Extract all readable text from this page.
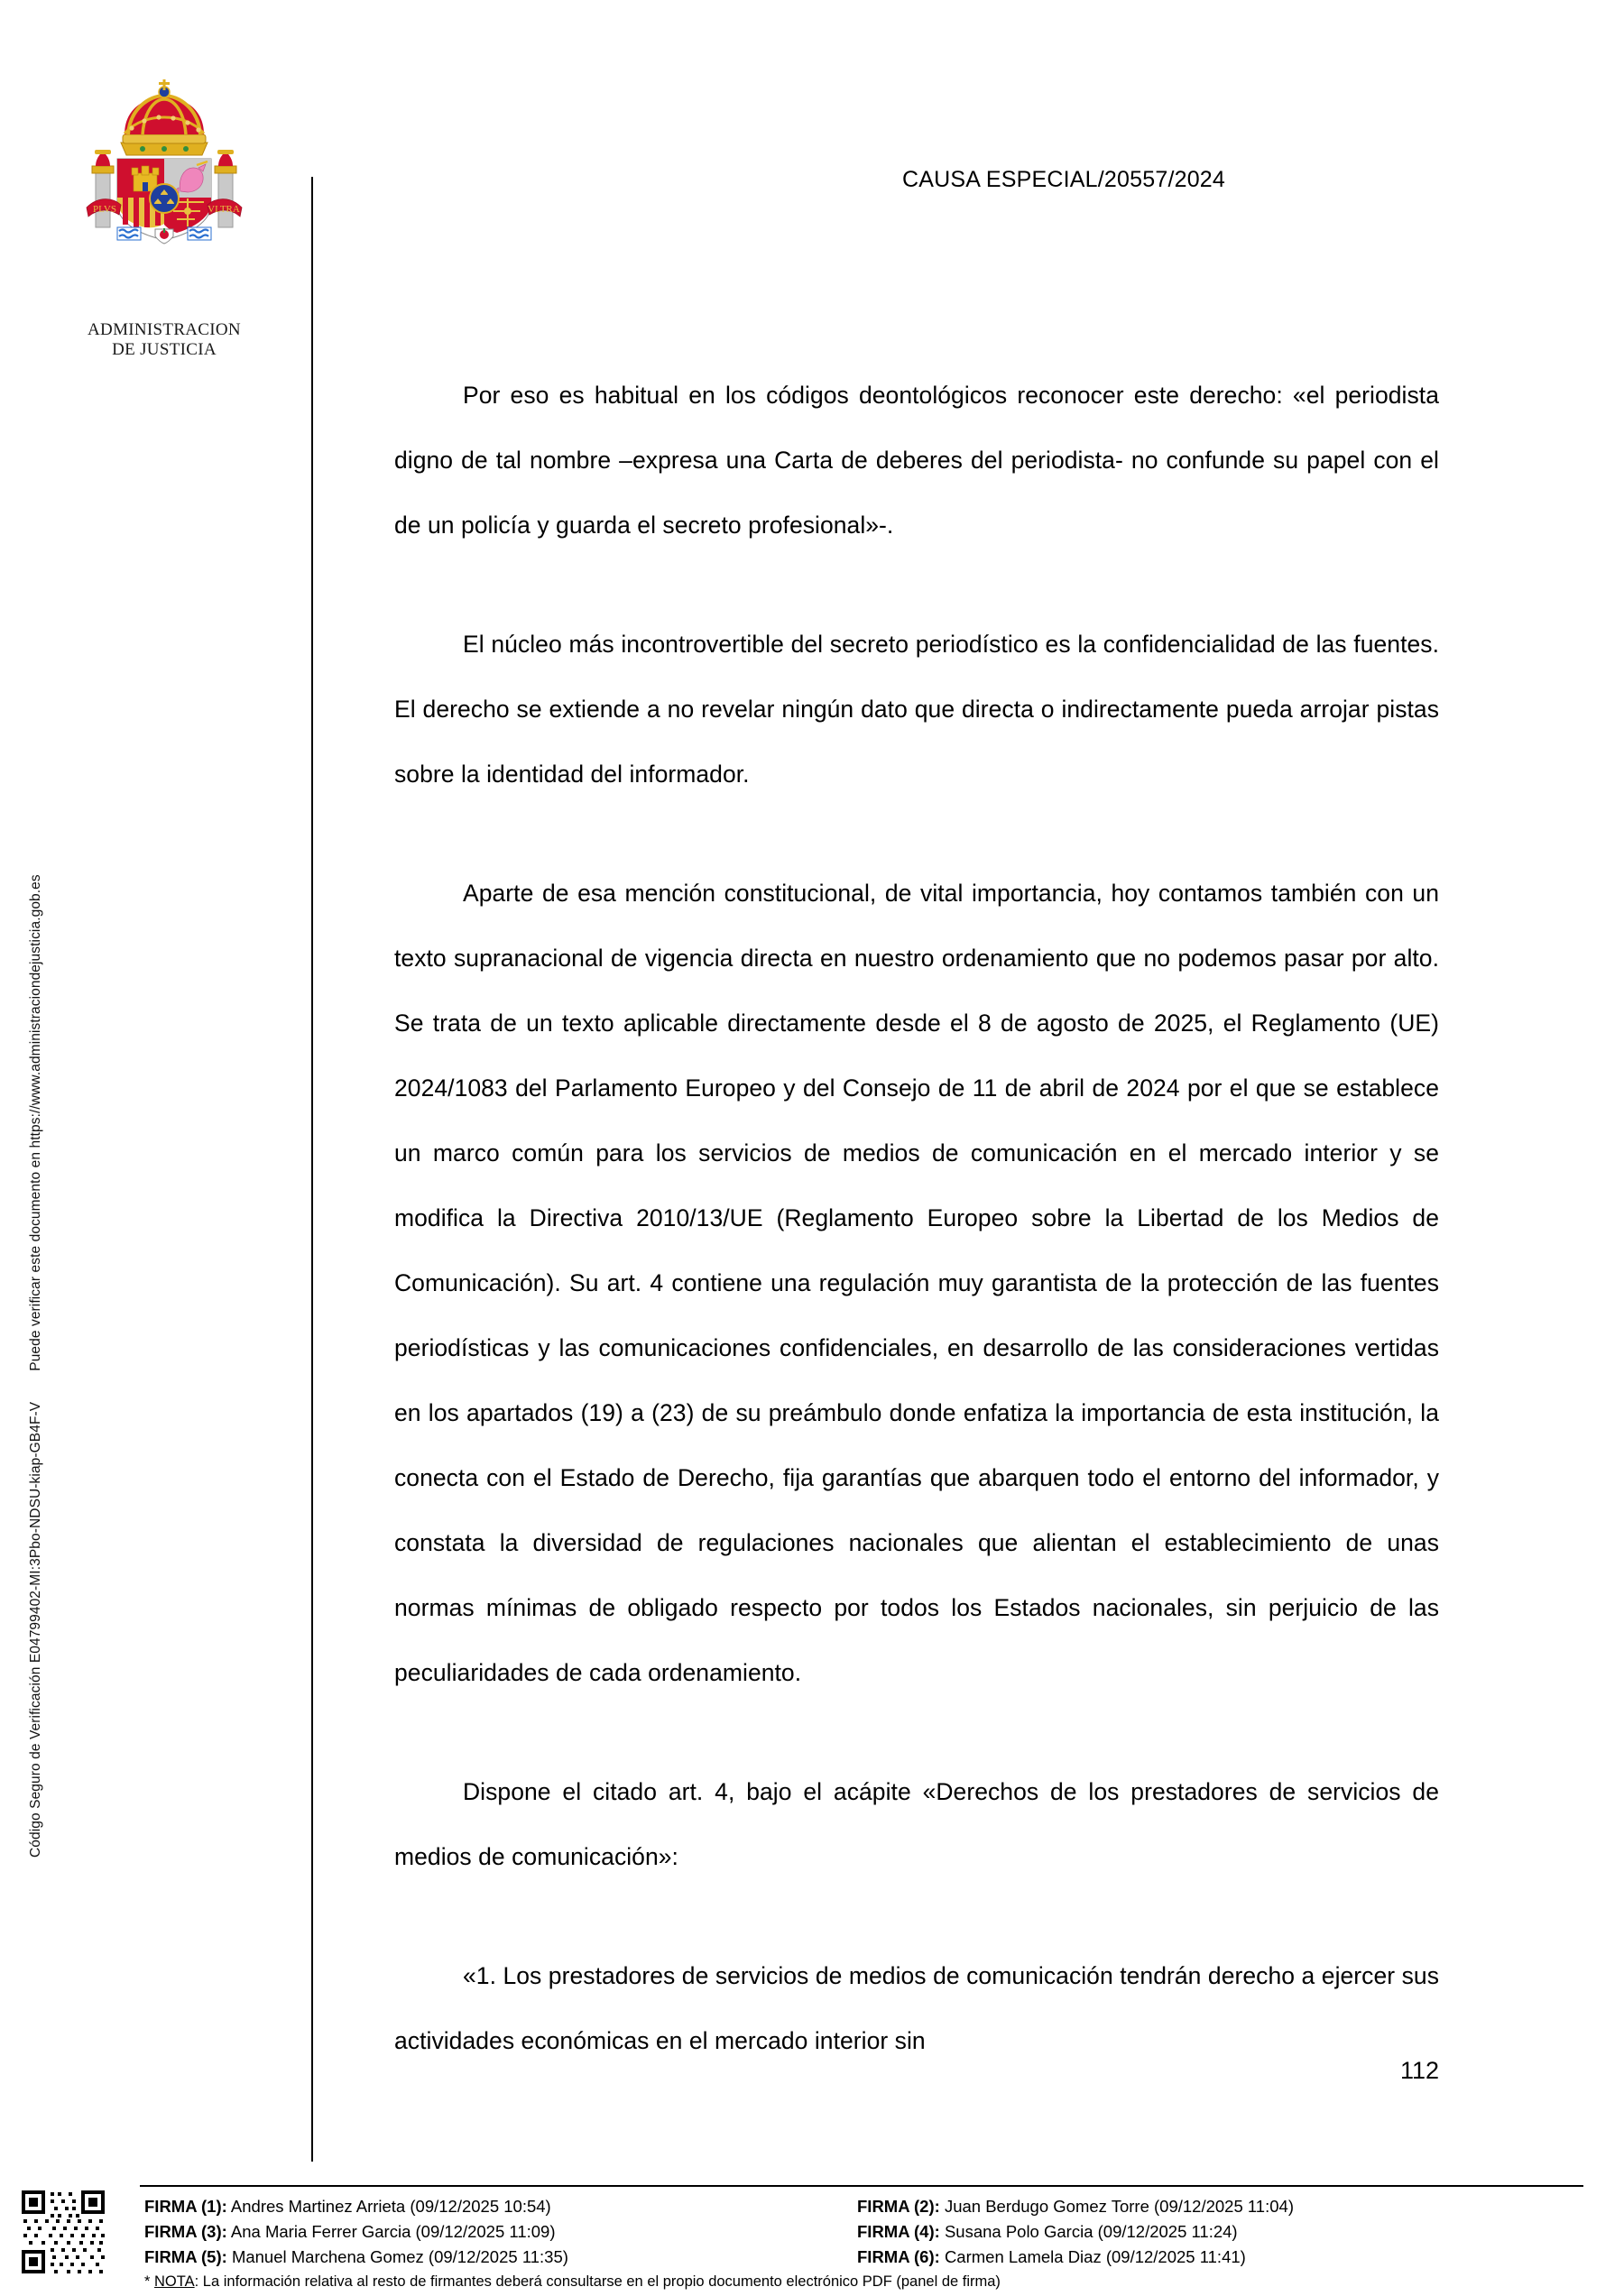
Código Seguro de Verificación E04799402-MI:3Pbo-NDSU-kiap-GB4F-VPuede verificar este documento en https://www.administraciondejusticia.gob.es
PLVS	VLTRA
ADMINISTRACION
DE JUSTICIA
CAUSA ESPECIAL/20557/2024

Por eso es habitual en los códigos deontológicos reconocer este derecho: «el periodista digno de tal nombre –expresa una Carta de deberes del periodista- no confunde su papel con el de un policía y guarda el secreto profesional»-.

El núcleo más incontrovertible del secreto periodístico es la confidencialidad de las fuentes. El derecho se extiende a no revelar ningún dato que directa o indirectamente pueda arrojar pistas sobre la identidad del informador.

Aparte de esa mención constitucional, de vital importancia, hoy contamos también con un texto supranacional de vigencia directa en nuestro ordenamiento que no podemos pasar por alto. Se trata de un texto aplicable directamente desde el 8 de agosto de 2025, el Reglamento (UE) 2024/1083 del Parlamento Europeo y del Consejo de 11 de abril de 2024 por el que se establece un marco común para los servicios de medios de comunicación en el mercado interior y se modifica la Directiva 2010/13/UE (Reglamento Europeo sobre la Libertad de los Medios de Comunicación). Su art. 4 contiene una regulación muy garantista de la protección de las fuentes periodísticas y las comunicaciones confidenciales, en desarrollo de las consideraciones vertidas en los apartados (19) a (23) de su preámbulo donde enfatiza la importancia de esta institución, la conecta con el Estado de Derecho, fija garantías que abarquen todo el entorno del informador, y constata la diversidad de regulaciones nacionales que alientan el establecimiento de unas normas mínimas de obligado respecto por todos los Estados nacionales, sin perjuicio de las peculiaridades de cada ordenamiento.

Dispone el citado art. 4, bajo el acápite «Derechos de los prestadores de servicios de medios de comunicación»:

«1. Los prestadores de servicios de medios de comunicación tendrán derecho a ejercer sus actividades económicas en el mercado interior sin

112
FIRMA (1): Andres Martinez Arrieta (09/12/2025 10:54)	FIRMA (2): Juan Berdugo Gomez Torre (09/12/2025 11:04)
FIRMA (3): Ana Maria Ferrer Garcia (09/12/2025 11:09)	FIRMA (4): Susana Polo Garcia (09/12/2025 11:24)
FIRMA (5): Manuel Marchena Gomez (09/12/2025 11:35)	FIRMA (6): Carmen Lamela Diaz (09/12/2025 11:41)
* NOTA: La información relativa al resto de firmantes deberá consultarse en el propio documento electrónico PDF (panel de firma)
